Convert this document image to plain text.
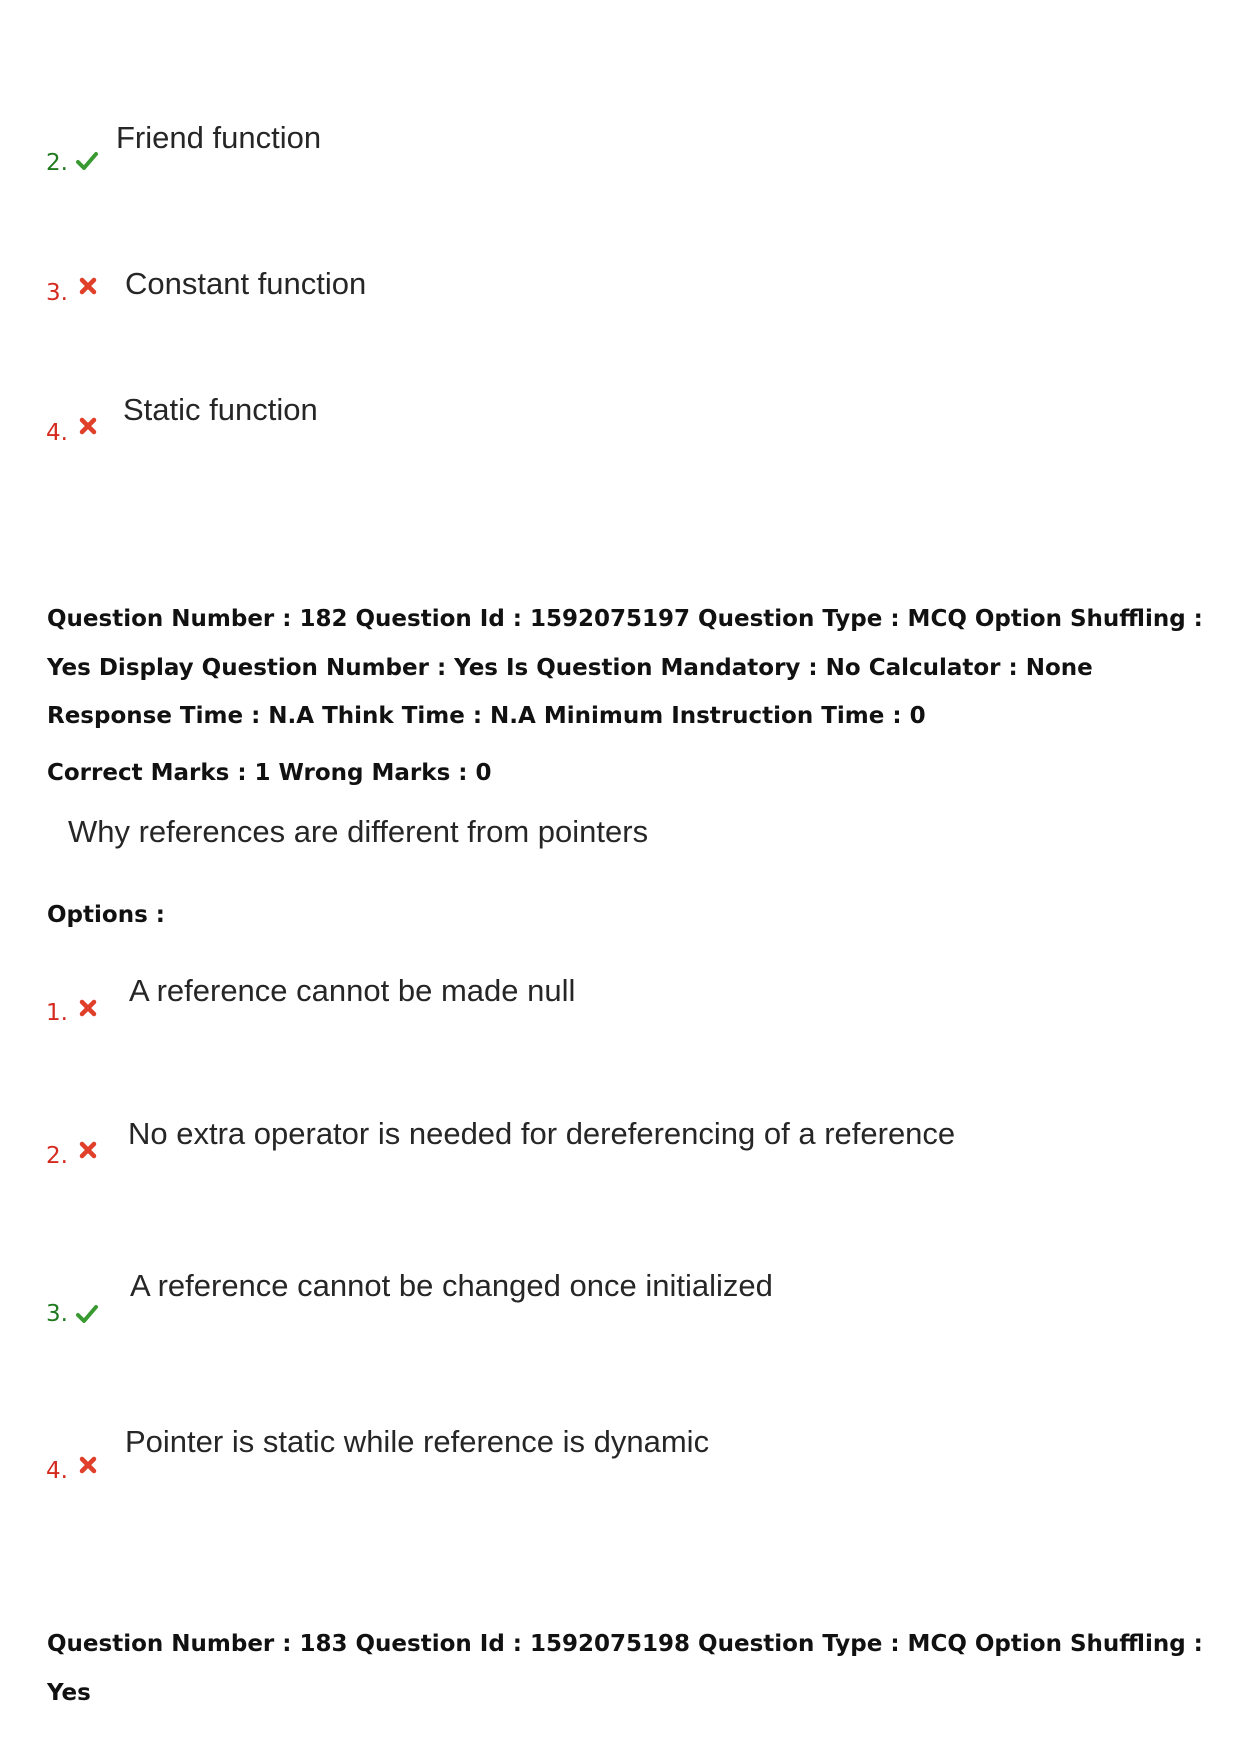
2.
Friend function
3. Constant function
4.
Static function
Question Number : 182 Question Id : 1592075197 Question Type : MCQ Option Shuffling : Yes Display Question Number : Yes Is Question Mandatory : No Calculator : None Response Time : N.A Think Time : N.A Minimum Instruction Time : 0
Correct Marks : 1 Wrong Marks : 0
Why references are different from pointers
Options :
1.
A reference cannot be made null
2.
No extra operator is needed for dereferencing of a reference
3.
A reference cannot be changed once initialized
4.
Pointer is static while reference is dynamic
Question Number : 183 Question Id : 1592075198 Question Type : MCQ Option Shuffling : Yes
